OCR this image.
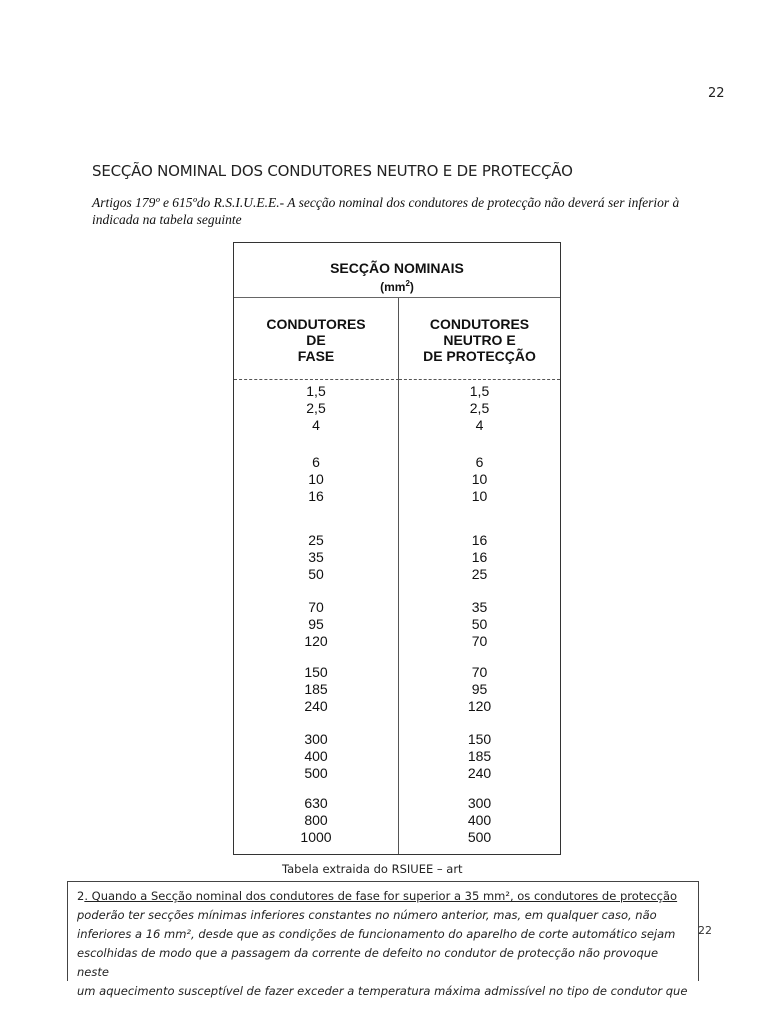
22
SECÇÃO NOMINAL DOS CONDUTORES NEUTRO E DE PROTECÇÃO
Artigos 179º e 615ºdo R.S.I.U.E.E.- A secção nominal dos condutores de protecção não deverá ser inferior à indicada na tabela seguinte
SECÇÃO NOMINAIS
$(mm^2)$
CONDUTORES
DE
FASE
CONDUTORES
NEUTRO E
DE PROTECÇÃO
1,5
2,5
4
6
10
16
25
35
50
70
95
120
150
185
240
300
400
500
630
800
1000
1,5
2,5
4
6
10
10
16
16
25
35
50
70
70
95
120
150
185
240
300
400
500
Tabela extraida do RSIUEE – art
2. Quando a Secção nominal dos condutores de fase for superior a 35 mm², os condutores de protecção
poderão ter secções mínimas inferiores constantes no número anterior, mas, em qualquer caso, não
inferiores a 16 mm², desde que as condições de funcionamento do aparelho de corte automático sejam
escolhidas de modo que a passagem da corrente de defeito no condutor de protecção não provoque neste
um aquecimento susceptível de fazer exceder a temperatura máxima admissível no tipo de condutor que
22
